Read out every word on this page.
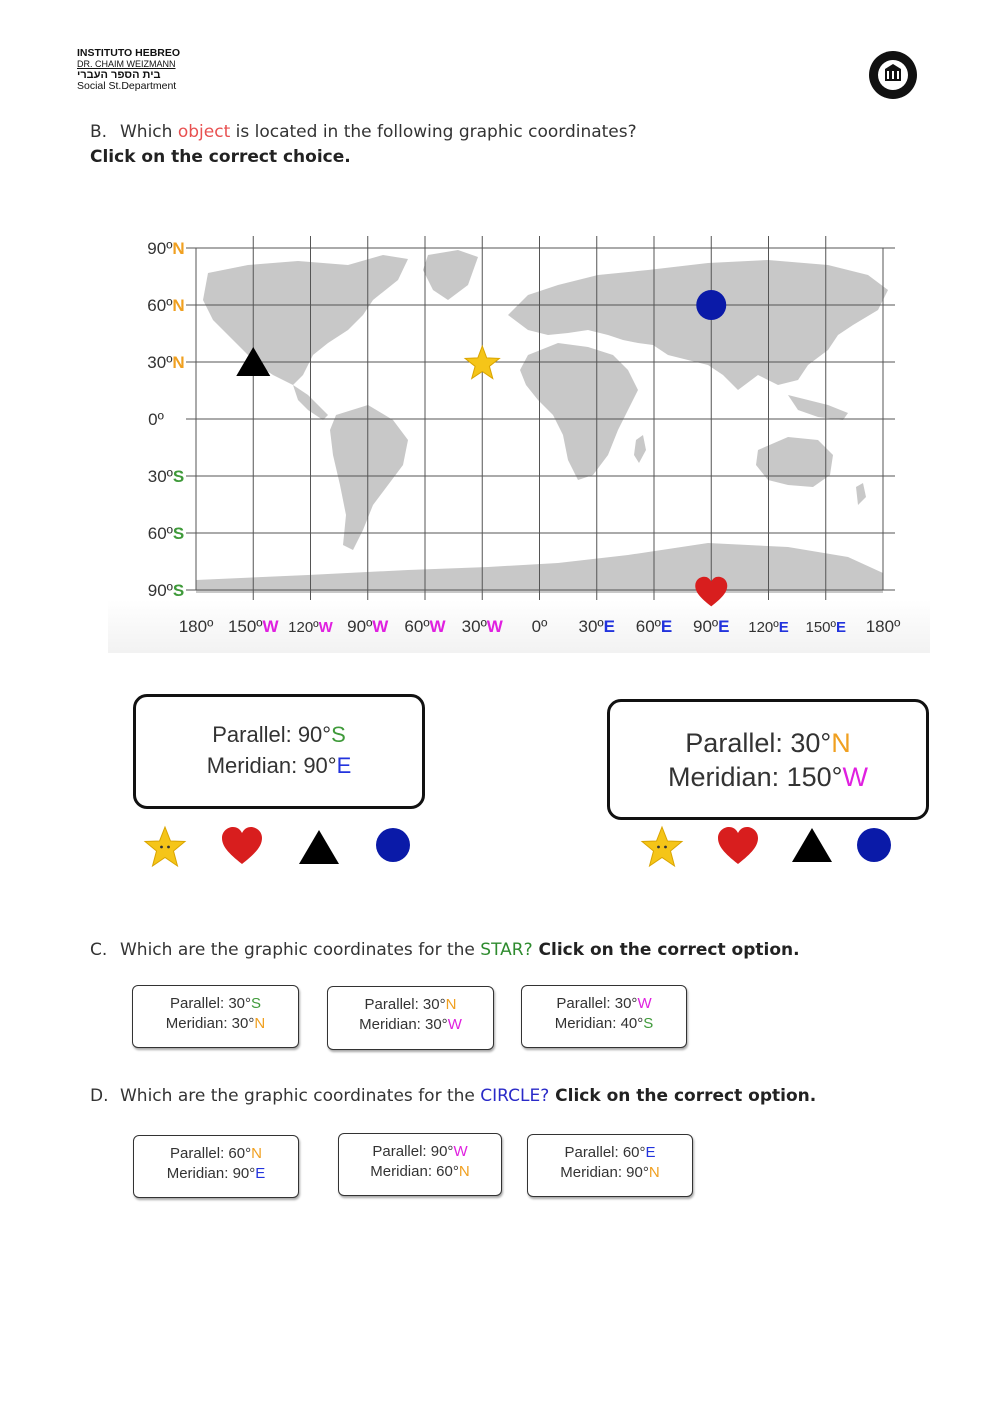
INSTITUTO HEBREO
DR. CHAIM WEIZMANN
בית הספר העברי
Social St.Department
B. Which object is located in the following graphic coordinates? Click on the correct choice.
90ºN
60ºN
30ºN
0º
30ºS
60ºS
90ºS
180º 150ºW 120ºW 90ºW 60ºW 30ºW 0º 30ºE 60ºE 90ºE 120ºE 150ºE 180º
Parallel: 90°S
Meridian: 90°E
Parallel: 30°N
Meridian: 150°W
C. Which are the graphic coordinates for the STAR? Click on the correct option.
Parallel: 30°S
Meridian: 30°N
Parallel: 30°N
Meridian: 30°W
Parallel: 30°W
Meridian: 40°S
D. Which are the graphic coordinates for the CIRCLE? Click on the correct option.
Parallel: 60°N
Meridian: 90°E
Parallel: 90°W
Meridian: 60°N
Parallel: 60°E
Meridian: 90°N
